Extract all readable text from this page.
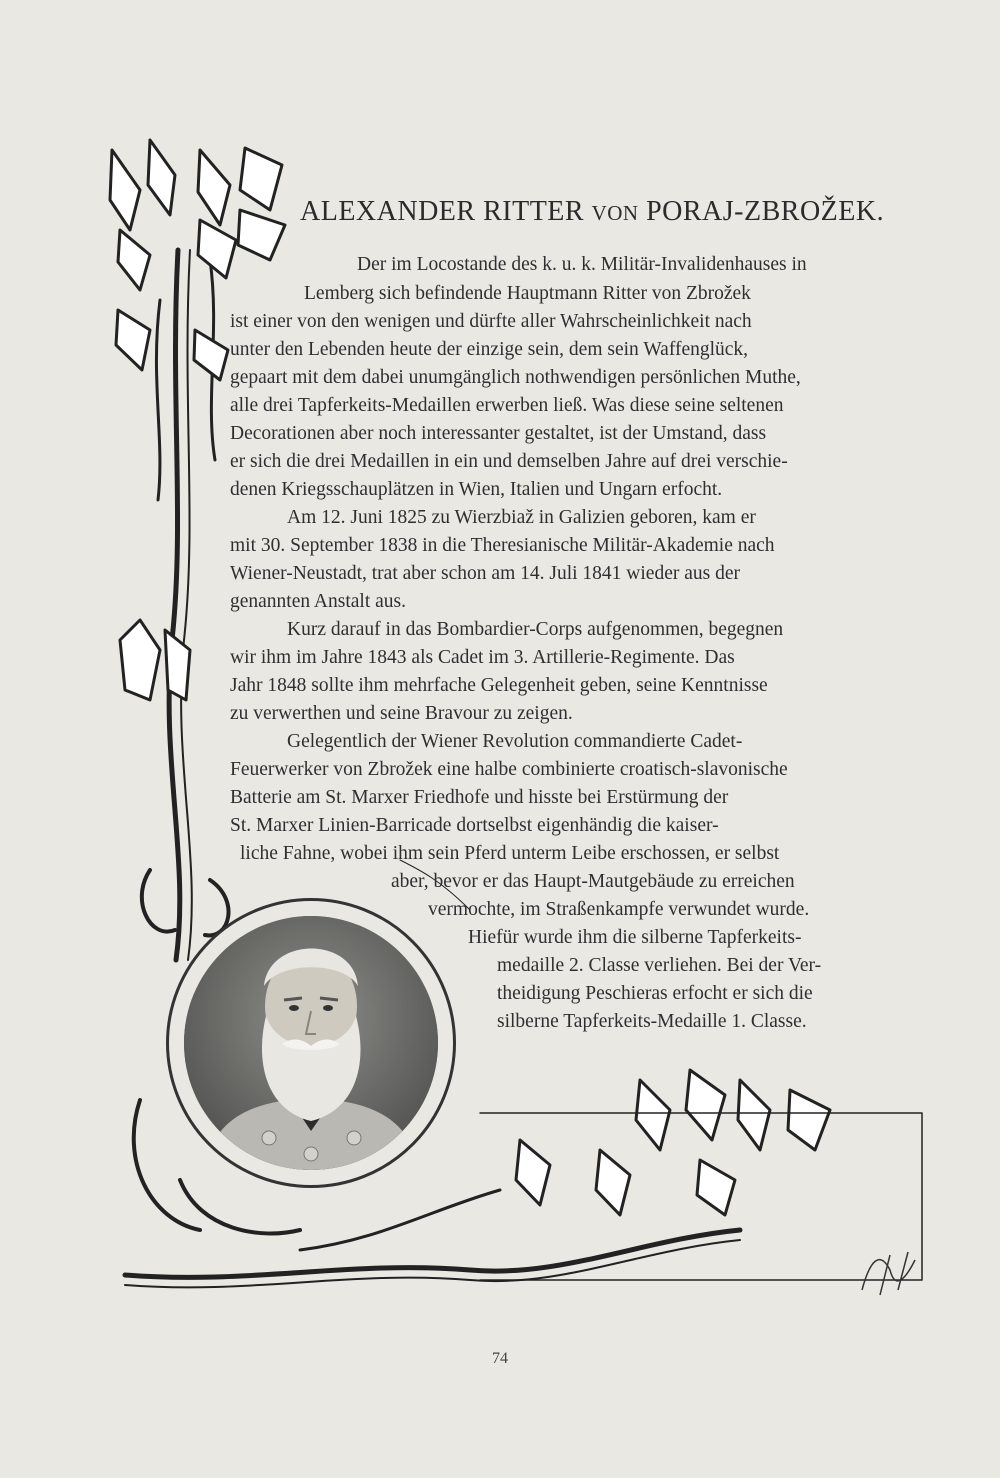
ALEXANDER RITTER VON PORAJ-ZBROŽEK.

Der im Locostande des k. u. k. Militär-Invalidenhauses in

Lemberg sich befindende Hauptmann Ritter von Zbrožek

ist einer von den wenigen und dürfte aller Wahrscheinlichkeit nach

unter den Lebenden heute der einzige sein, dem sein Waffenglück,

gepaart mit dem dabei unumgänglich nothwendigen persönlichen Muthe,

alle drei Tapferkeits-Medaillen erwerben ließ. Was diese seine seltenen

Decorationen aber noch interessanter gestaltet, ist der Umstand, dass

er sich die drei Medaillen in ein und demselben Jahre auf drei verschie-

denen Kriegsschauplätzen in Wien, Italien und Ungarn erfocht.

Am 12. Juni 1825 zu Wierzbiaž in Galizien geboren, kam er

mit 30. September 1838 in die Theresianische Militär-Akademie nach

Wiener-Neustadt, trat aber schon am 14. Juli 1841 wieder aus der

genannten Anstalt aus.

Kurz darauf in das Bombardier-Corps aufgenommen, begegnen

wir ihm im Jahre 1843 als Cadet im 3. Artillerie-Regimente. Das

Jahr 1848 sollte ihm mehrfache Gelegenheit geben, seine Kenntnisse

zu verwerthen und seine Bravour zu zeigen.

Gelegentlich der Wiener Revolution commandierte Cadet-

Feuerwerker von Zbrožek eine halbe combinierte croatisch-slavonische

Batterie am St. Marxer Friedhofe und hisste bei Erstürmung der

St. Marxer Linien-Barricade dortselbst eigenhändig die kaiser-

liche Fahne, wobei ihm sein Pferd unterm Leibe erschossen, er selbst

aber, bevor er das Haupt-Mautgebäude zu erreichen

vermochte, im Straßenkampfe verwundet wurde.

Hiefür wurde ihm die silberne Tapferkeits-

medaille 2. Classe verliehen. Bei der Ver-

theidigung Peschieras erfocht er sich die

silberne Tapferkeits-Medaille 1. Classe.

74
